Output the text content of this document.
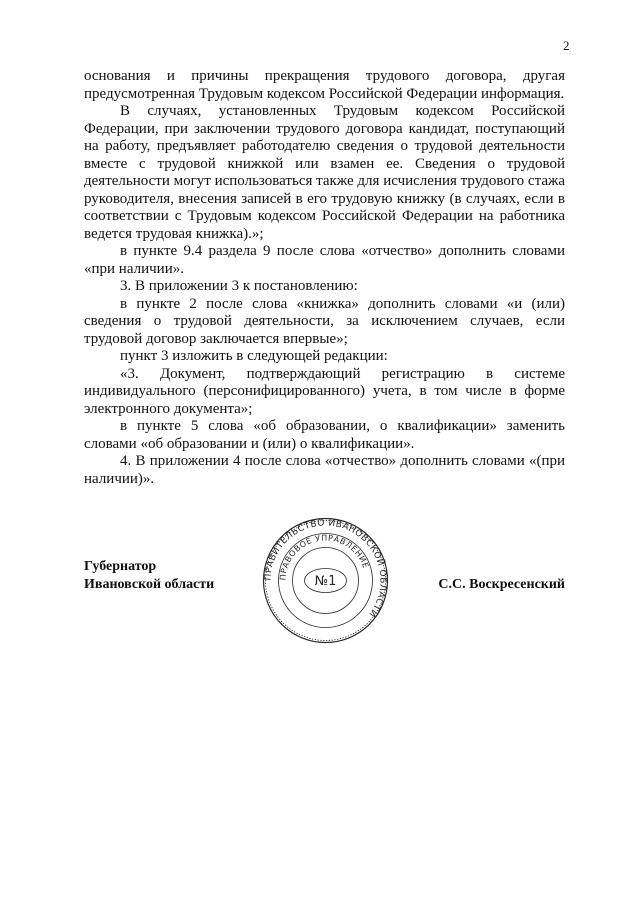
2

основания и причины прекращения трудового договора, другая предусмотренная Трудовым кодексом Российской Федерации информация.

В случаях, установленных Трудовым кодексом Российской Федерации, при заключении трудового договора кандидат, поступающий на работу, предъявляет работодателю сведения о трудовой деятельности вместе с трудовой книжкой или взамен ее. Сведения о трудовой деятельности могут использоваться также для исчисления трудового стажа руководителя, внесения записей в его трудовую книжку (в случаях, если в соответствии с Трудовым кодексом Российской Федерации на работника ведется трудовая книжка).»;

в пункте 9.4 раздела 9 после слова «отчество» дополнить словами «при наличии».

3. В приложении 3 к постановлению:

в пункте 2 после слова «книжка» дополнить словами «и (или) сведения о трудовой деятельности, за исключением случаев, если трудовой договор заключается впервые»;

пункт 3 изложить в следующей редакции:

«3. Документ, подтверждающий регистрацию в системе индивидуального (персонифицированного) учета, в том числе в форме электронного документа»;

в пункте 5 слова «об образовании, о квалификации» заменить словами «об образовании и (или) о квалификации».

4. В приложении 4 после слова «отчество» дополнить словами «(при наличии)».

Губернатор
Ивановской области
ПРАВИТЕЛЬСТВО ИВАНОВСКОЙ ОБЛАСТИ
ПРАВОВОЕ УПРАВЛЕНИЕ
№1	С.С. Воскресенский
